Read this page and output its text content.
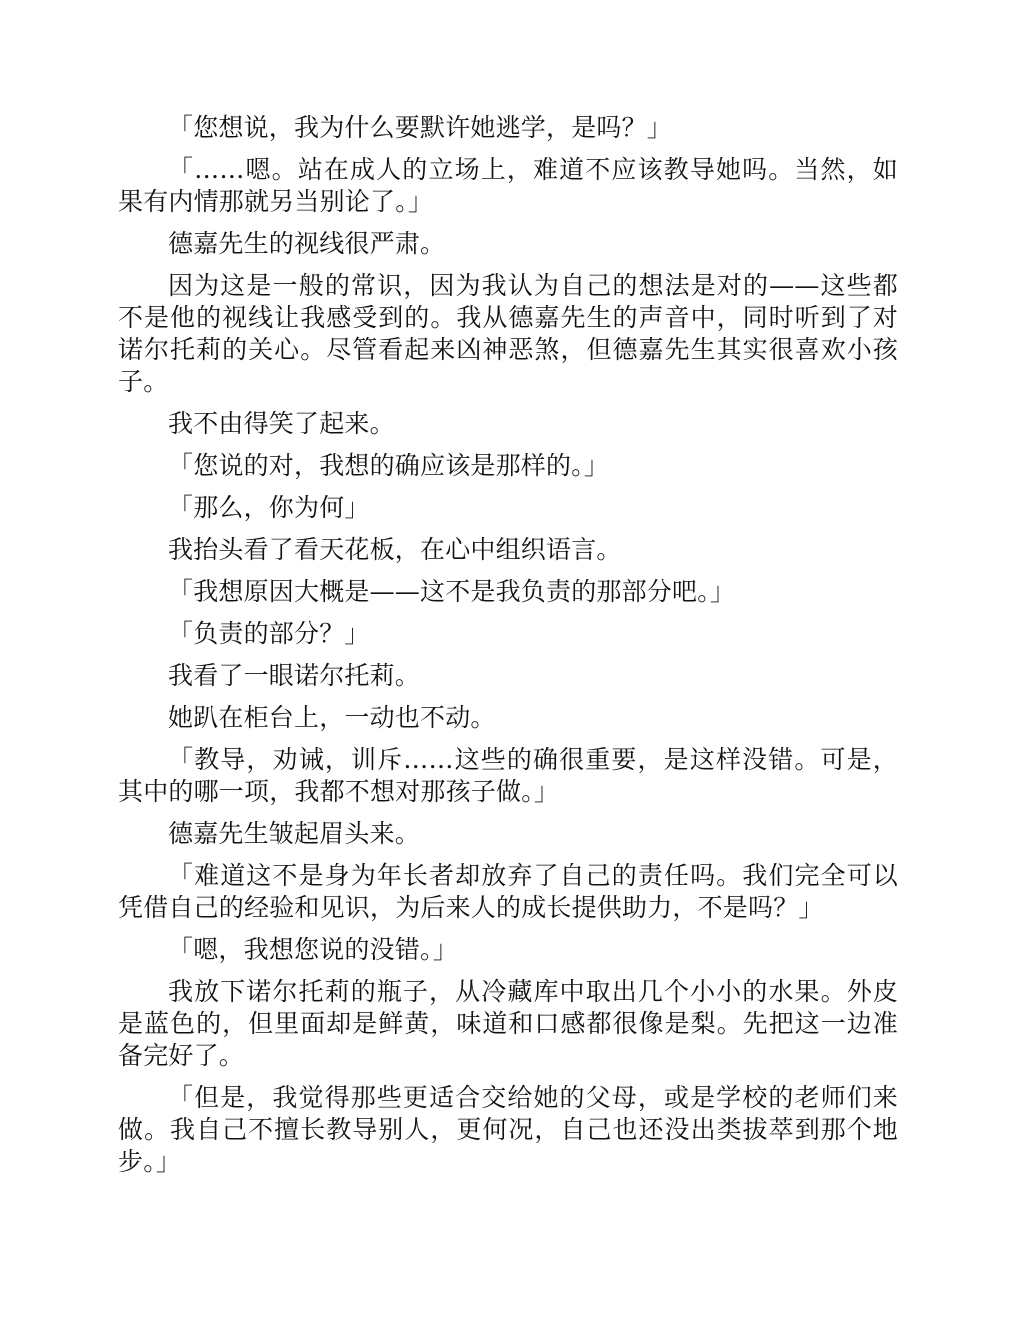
「您想说，我为什么要默许她逃学，是吗？」

「……嗯。站在成人的立场上，难道不应该教导她吗。当然，如果有内情那就另当别论了。」

德嘉先生的视线很严肃。

因为这是一般的常识，因为我认为自己的想法是对的——这些都不是他的视线让我感受到的。我从德嘉先生的声音中，同时听到了对诺尔托莉的关心。尽管看起来凶神恶煞，但德嘉先生其实很喜欢小孩子。

我不由得笑了起来。

「您说的对，我想的确应该是那样的。」

「那么，你为何」

我抬头看了看天花板，在心中组织语言。

「我想原因大概是——这不是我负责的那部分吧。」

「负责的部分？」

我看了一眼诺尔托莉。

她趴在柜台上，一动也不动。

「教导，劝诫，训斥……这些的确很重要，是这样没错。可是，其中的哪一项，我都不想对那孩子做。」

德嘉先生皱起眉头来。

「难道这不是身为年长者却放弃了自己的责任吗。我们完全可以凭借自己的经验和见识，为后来人的成长提供助力，不是吗？」

「嗯，我想您说的没错。」

我放下诺尔托莉的瓶子，从冷藏库中取出几个小小的水果。外皮是蓝色的，但里面却是鲜黄，味道和口感都很像是梨。先把这一边准备完好了。

「但是，我觉得那些更适合交给她的父母，或是学校的老师们来做。我自己不擅长教导别人，更何况，自己也还没出类拔萃到那个地步。」
